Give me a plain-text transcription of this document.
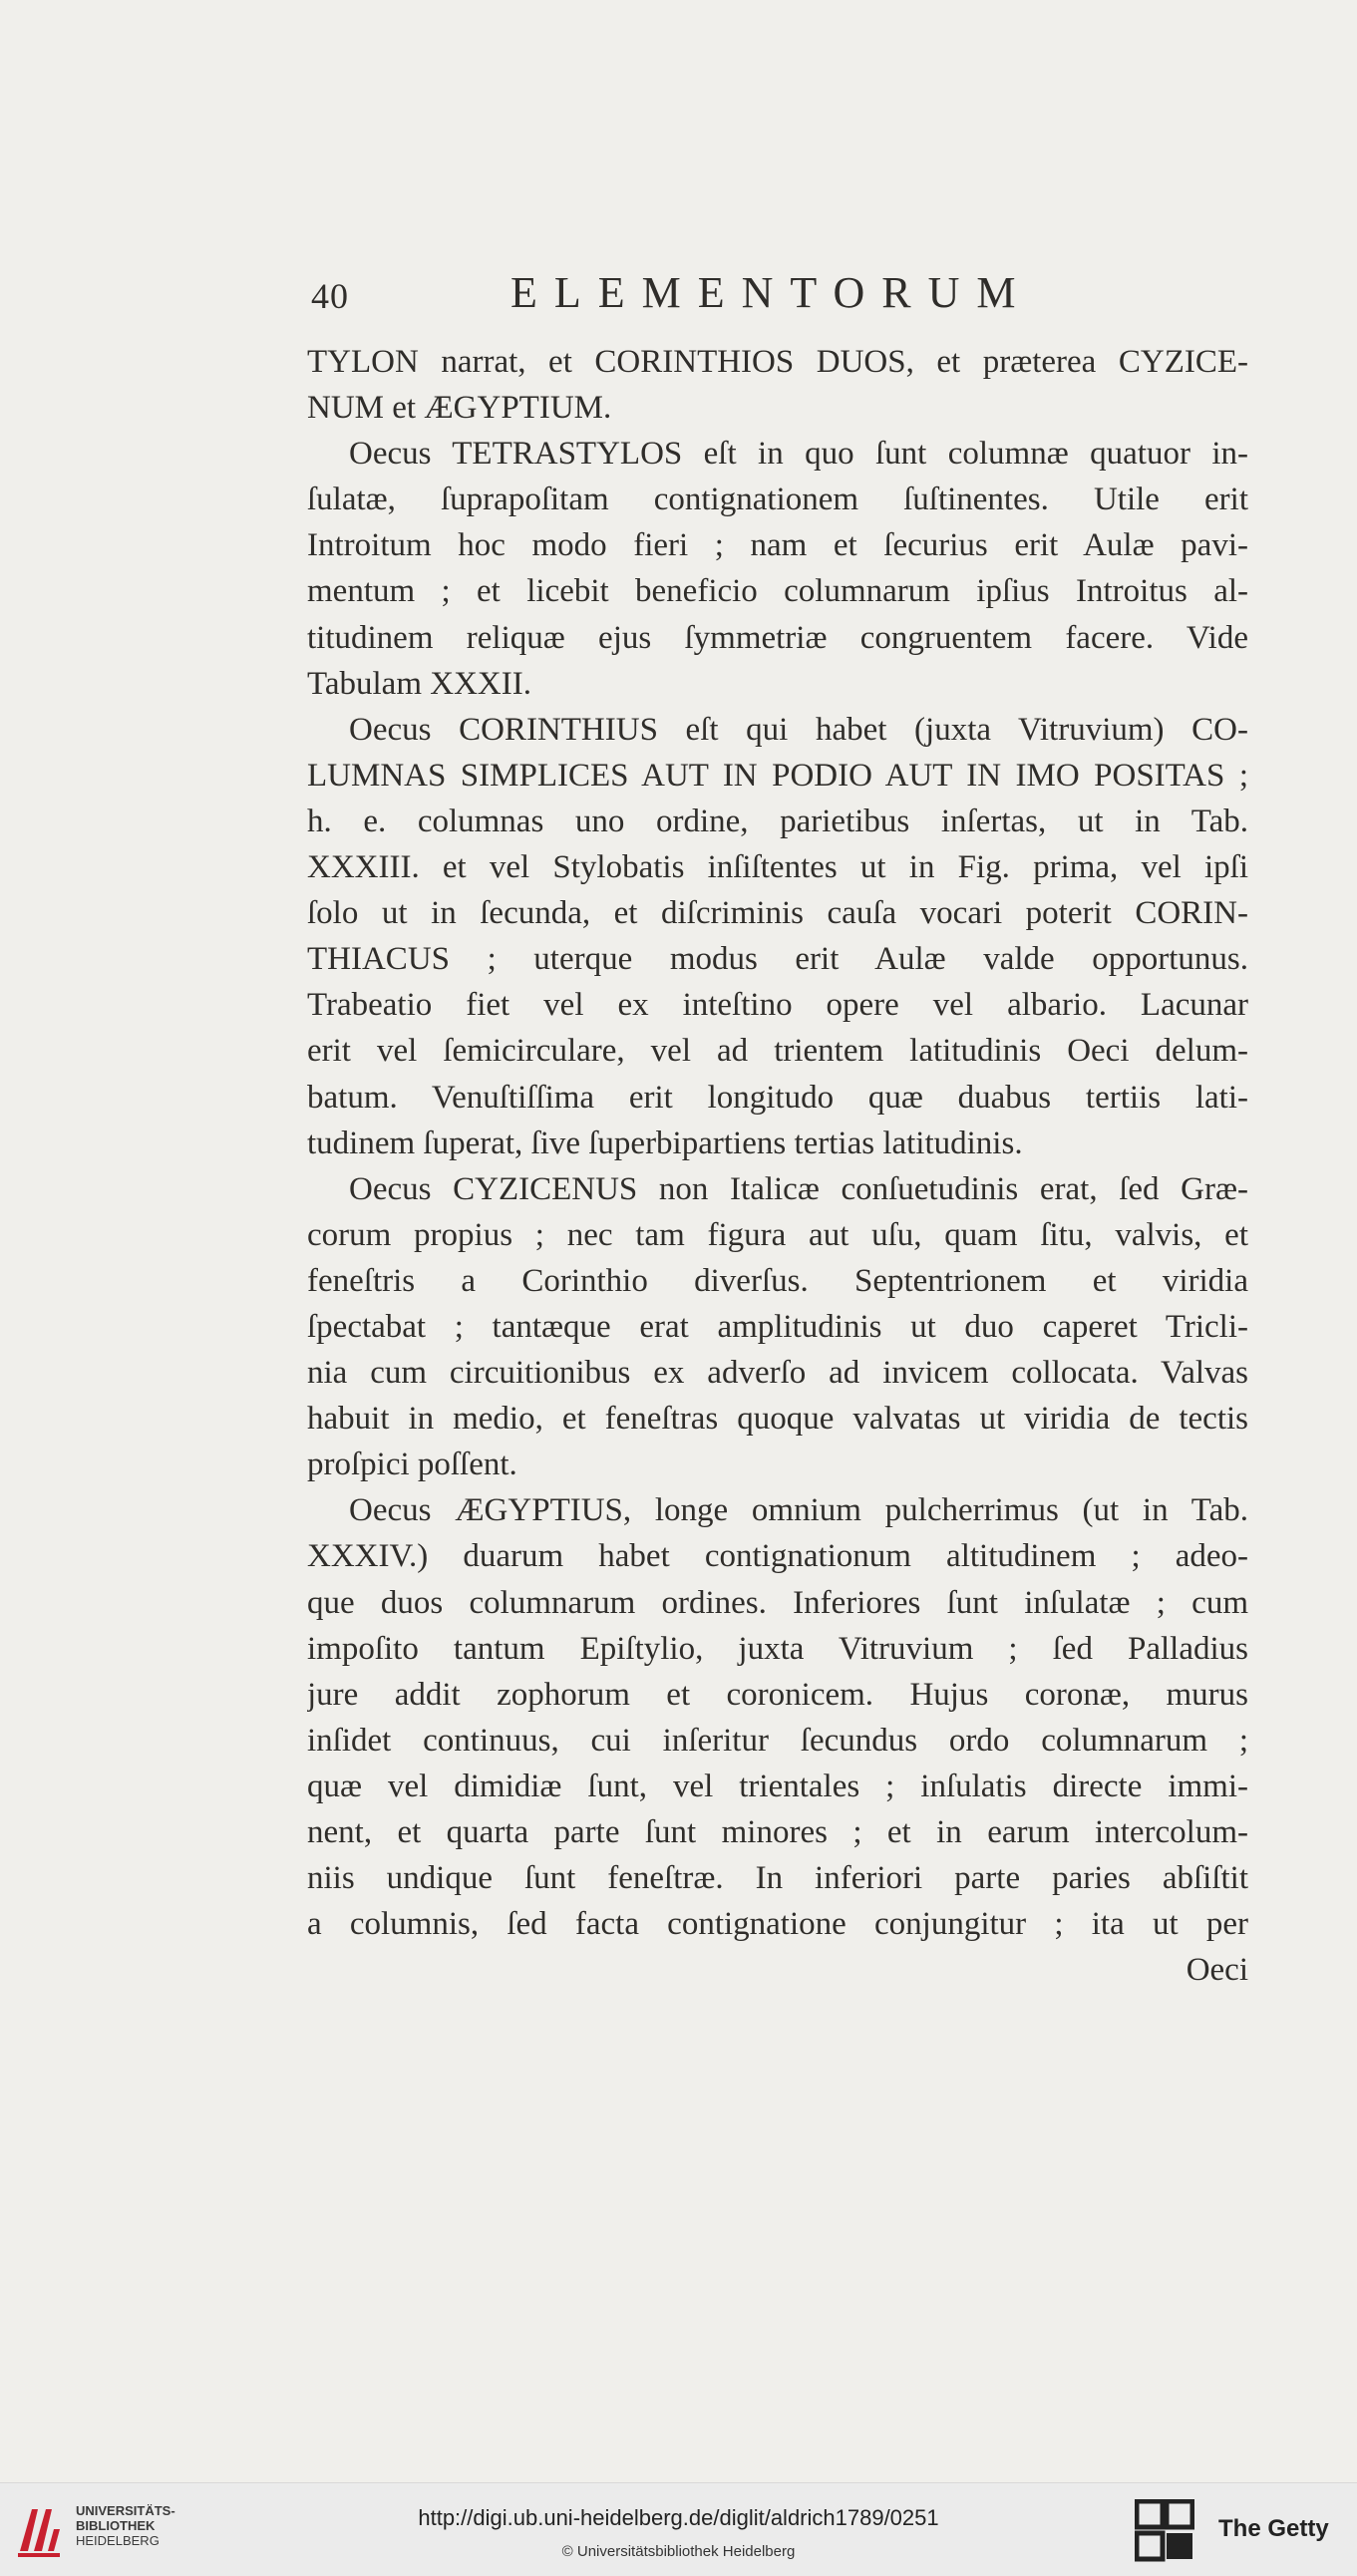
40	ELEMENTORUM

TYLON narrat, et CORINTHIOS DUOS, et præterea CYZICE-
NUM et ÆGYPTIUM.

Oecus TETRASTYLOS eſt in quo ſunt columnæ quatuor in-
ſulatæ, ſuprapoſitam contignationem ſuſtinentes. Utile erit
Introitum hoc modo fieri ; nam et ſecurius erit Aulæ pavi-
mentum ; et licebit beneficio columnarum ipſius Introitus al-
titudinem reliquæ ejus ſymmetriæ congruentem facere. Vide
Tabulam XXXII.

Oecus CORINTHIUS eſt qui habet (juxta Vitruvium) CO-
LUMNAS SIMPLICES AUT IN PODIO AUT IN IMO POSITAS ;
h. e. columnas uno ordine, parietibus inſertas, ut in Tab.
XXXIII. et vel Stylobatis inſiſtentes ut in Fig. prima, vel ipſi
ſolo ut in ſecunda, et diſcriminis cauſa vocari poterit CORIN-
THIACUS ; uterque modus erit Aulæ valde opportunus.
Trabeatio fiet vel ex inteſtino opere vel albario. Lacunar
erit vel ſemicirculare, vel ad trientem latitudinis Oeci delum-
batum. Venuſtiſſima erit longitudo quæ duabus tertiis lati-
tudinem ſuperat, ſive ſuperbipartiens tertias latitudinis.

Oecus CYZICENUS non Italicæ conſuetudinis erat, ſed Græ-
corum propius ; nec tam figura aut uſu, quam ſitu, valvis, et
feneſtris a Corinthio diverſus. Septentrionem et viridia
ſpectabat ; tantæque erat amplitudinis ut duo caperet Tricli-
nia cum circuitionibus ex adverſo ad invicem collocata. Valvas
habuit in medio, et feneſtras quoque valvatas ut viridia de tectis
proſpici poſſent.

Oecus ÆGYPTIUS, longe omnium pulcherrimus (ut in Tab.
XXXIV.) duarum habet contignationum altitudinem ; adeo-
que duos columnarum ordines. Inferiores ſunt inſulatæ ; cum
impoſito tantum Epiſtylio, juxta Vitruvium ; ſed Palladius
jure addit zophorum et coronicem. Hujus coronæ, murus
inſidet continuus, cui inſeritur ſecundus ordo columnarum ;
quæ vel dimidiæ ſunt, vel trientales ; inſulatis directe immi-
nent, et quarta parte ſunt minores ; et in earum intercolum-
niis undique ſunt feneſtræ. In inferiori parte paries abſiſtit
a columnis, ſed facta contignatione conjungitur ; ita ut per

Oeci
UNIVERSITÄTS-
BIBLIOTHEK
HEIDELBERG
http://digi.ub.uni-heidelberg.de/diglit/aldrich1789/0251
© Universitätsbibliothek Heidelberg
The Getty
